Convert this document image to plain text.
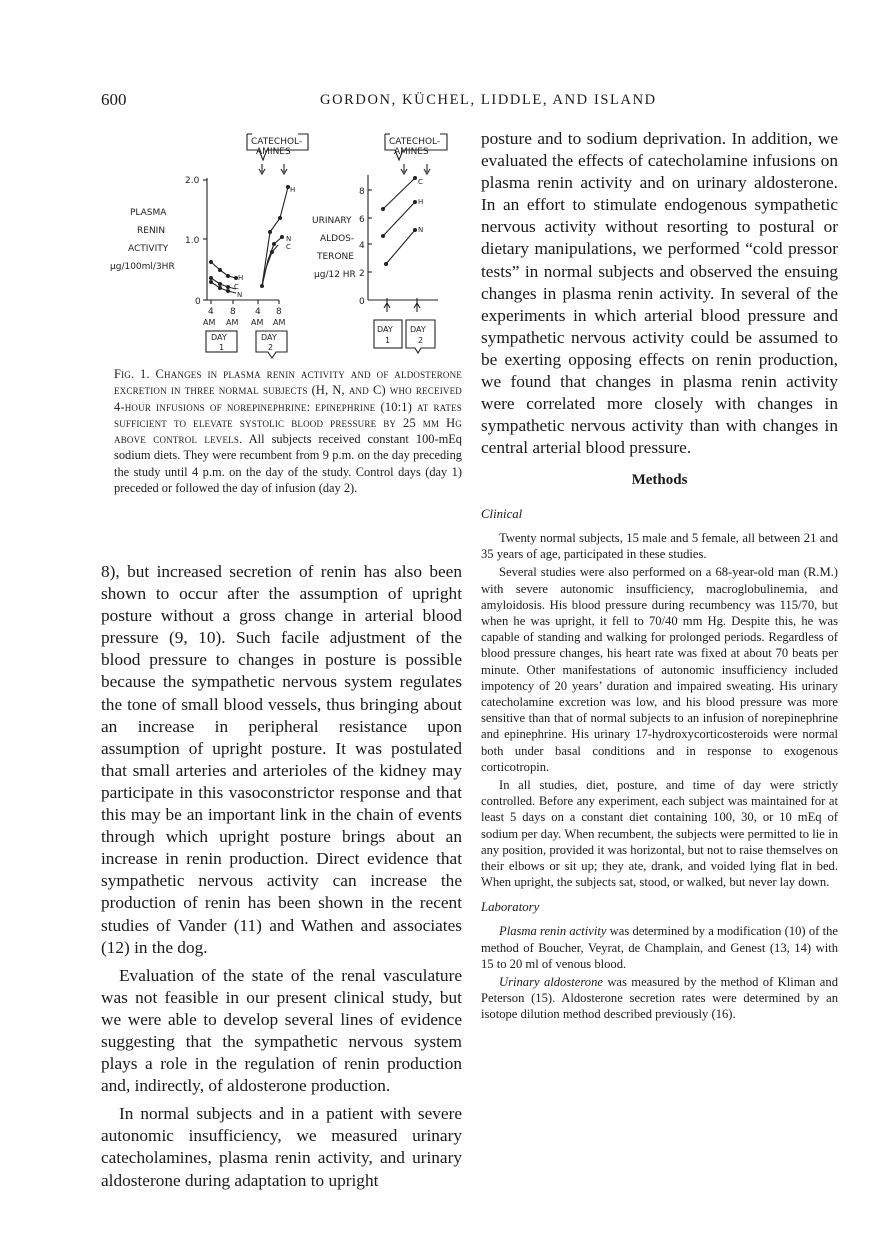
600	GORDON, KÜCHEL, LIDDLE, AND ISLAND
CATECHOL-
AMINES
CATECHOL-
AMINES
PLASMA
RENIN
ACTIVITY
μg/100ml/3HR
2.0
1.0
0
4 8 4 8
AM AM AM AM
DAY
1
DAY
2
H
C
N
H
N
C
URINARY
ALDOS-
TERONE
μg/12 HR
8
6
4
2
0
DAY
1
DAY
2
C
H
N
Fig. 1. Changes in plasma renin activity and of aldosterone excretion in three normal subjects (H, N, and C) who received 4-hour infusions of norepinephrine: epinephrine (10:1) at rates sufficient to elevate systolic blood pressure by 25 mm Hg above control levels. All subjects received constant 100-mEq sodium diets. They were recumbent from 9 p.m. on the day preceding the study until 4 p.m. on the day of the study. Control days (day 1) preceded or followed the day of infusion (day 2).

8), but increased secretion of renin has also been shown to occur after the assumption of upright posture without a gross change in arterial blood pressure (9, 10). Such facile adjustment of the blood pressure to changes in posture is possible because the sympathetic nervous system regulates the tone of small blood vessels, thus bringing about an increase in peripheral resistance upon assumption of upright posture. It was postulated that small arteries and arterioles of the kidney may participate in this vasoconstrictor response and that this may be an important link in the chain of events through which upright posture brings about an increase in renin production. Direct evidence that sympathetic nervous activity can increase the production of renin has been shown in the recent studies of Vander (11) and Wathen and associates (12) in the dog.

Evaluation of the state of the renal vasculature was not feasible in our present clinical study, but we were able to develop several lines of evidence suggesting that the sympathetic nervous system plays a role in the regulation of renin production and, indirectly, of aldosterone production.

In normal subjects and in a patient with severe autonomic insufficiency, we measured urinary catecholamines, plasma renin activity, and urinary aldosterone during adaptation to upright

posture and to sodium deprivation. In addition, we evaluated the effects of catecholamine infusions on plasma renin activity and on urinary aldosterone. In an effort to stimulate endogenous sympathetic nervous activity without resorting to postural or dietary manipulations, we performed “cold pressor tests” in normal subjects and observed the ensuing changes in plasma renin activity. In several of the experiments in which arterial blood pressure and sympathetic nervous activity could be assumed to be exerting opposing effects on renin production, we found that changes in plasma renin activity were correlated more closely with changes in sympathetic nervous activity than with changes in central arterial blood pressure.

Methods
Clinical

Twenty normal subjects, 15 male and 5 female, all between 21 and 35 years of age, participated in these studies.

Several studies were also performed on a 68-year-old man (R.M.) with severe autonomic insufficiency, macroglobulinemia, and amyloidosis. His blood pressure during recumbency was 115/70, but when he was upright, it fell to 70/40 mm Hg. Despite this, he was capable of standing and walking for prolonged periods. Regardless of blood pressure changes, his heart rate was fixed at about 70 beats per minute. Other manifestations of autonomic insufficiency included impotency of 20 years’ duration and impaired sweating. His urinary catecholamine excretion was low, and his blood pressure was more sensitive than that of normal subjects to an infusion of norepinephrine and epinephrine. His urinary 17-hydroxycorticosteroids were normal both under basal conditions and in response to exogenous corticotropin.

In all studies, diet, posture, and time of day were strictly controlled. Before any experiment, each subject was maintained for at least 5 days on a constant diet containing 100, 30, or 10 mEq of sodium per day. When recumbent, the subjects were permitted to lie in any position, provided it was horizontal, but not to raise themselves on their elbows or sit up; they ate, drank, and voided lying flat in bed. When upright, the subjects sat, stood, or walked, but never lay down.

Laboratory

Plasma renin activity was determined by a modification (10) of the method of Boucher, Veyrat, de Champlain, and Genest (13, 14) with 15 to 20 ml of venous blood.

Urinary aldosterone was measured by the method of Kliman and Peterson (15). Aldosterone secretion rates were determined by an isotope dilution method described previously (16).
